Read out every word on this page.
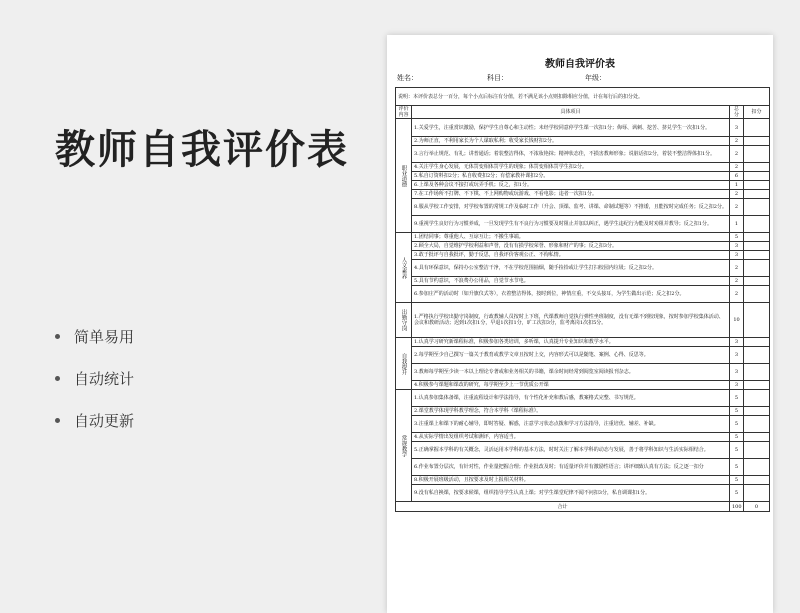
教师自我评价表
简单易用
自动统计
自动更新
教师自我评价表
姓名：	科目：	年级：
说明：本评价表总分一百分，每个小点后标注有分值，若不满足该小点则扣除相应分值，计在每行后的扣分处。			
评价内容	具体项目	总分	扣分
职业道德	1.关爱学生，注重赏识激励，保护学生自尊心和主动性；未经学校同意停学生课一次扣1分；侮辱、讽刺、挖苦、挤兑学生一次扣1分。	3	
	2.为师正直，不利用家长为个人谋取私利；收受家长钱财扣2分。	2	
	3.言行举止规范、有礼；讲普通话；着装整洁得体，不浓妆艳抹；精神状态佳，不损害教师形象；说脏话扣2分，着装不整洁得体扣1分。	2	
	4.关注学生身心发展，无体罚变相体罚学生的现象；体罚变相体罚学生扣2分。	2	
	5.私自订资料扣2分；私自收费扣2分；有偿家教补课扣2分。	6	
	6.上课及各种会议不接打或玩弄手机；反之，扣1分。	1	
	7.在工作场所不打牌、不下棋、不上网购物或玩游戏、不看电影；违者一次扣1分。	2	
	8.服从学校工作安排，对学校布置的常规工作及临时工作（升会、顶课、监考、讲课、命制试题等）不推诿，且能按时完成任务；反之扣2分。	2	
	9.重视学生良好行为习惯养成，一旦发现学生有不良行为习惯要及时阻止并加以纠正，遇学生违纪行为能及时劝阻并教导；反之扣1分。	1	
人文素养	1.团结同事；尊重他人、互谅互让；不搬生事端。	5	
	2.顾全大局，自觉维护学校利益和声誉，没有有损学校荣誉、形象和财产的事；反之扣3分。	3	
	3.敢于批评与自我批评，勤于反思，自我评价客观公正、不徇私情。	3	
	4.具有环保意识，保持办公室整洁干净，不在学校范围抽烟，随手捡拾或让学生打扫校园内垃圾；反之扣2分。	2	
	5.具有节约意识，不浪费办公用品，自觉节水节电。	2	
	6.参加庄严的活动时（如升旗仪式等），衣着整洁得体，按时到位，神情庄重，不交头接耳，为学生做出示范；反之扣2分。	2	
出勤守岗	1.严格执行学校出勤守岗制度，行政教辅人员按时上下班，代课教师自觉执行弹性坐班制度，没有无课不到校现象，按时参加学校集体活动、会议和教研活动；迟到1次扣1分，早退1次扣1分，旷工次扣3分，监考离岗1次扣5分。	10	
自我提升	1.认真学习研究新课程标准，积极参加各类培训，多听课，认真提升专业知识和教学水平。	3	
	2.每学期至少自己撰写一篇关于教育或教学文章且按时上交，内容形式可以是随笔、案例、心得、反思等。	3	
	3.教师每学期至少读一本以上理论专著或和业务相关的书籍，课余时间经常到阅览室阅读报刊杂志。	3	
	4.积极参与课题和课改的研究，每学期至少上一节优质公开课	3	
常规教学	1.认真参加集体备课，注重流程设计和学法指导，有个性化补充和教后感，教案格式完整、书写规范。	5	
	2.课堂教学体现学科教学理念，符合本学科《课程标准》。	5	
	3.注重课上和课下的耐心辅导，即时答疑、解惑，注意学习状态点拨和学习方法指导，注重培优、辅差、补缺。	5	
	4.从实际学情出发组织考试和测评，内容适当。	5	
	5.正确掌握本学科的有关概念，灵活运用本学科的基本方法，时时关注了解本学科的动态与发展，善于将学科知识与生活实际相结合。	5	
	6.作业布置分层次，有针对性，作业量把握合理；作业批改及时；有适量评价并有激励性语言；讲评细致认真有方法；反之逐一扣分	5	
	8.积极开展班级活动，且按要求及时上报相关材料。	5	
	9.没有私自换课，按要求候课，组织指导学生认真上课；对学生课堂纪律不闻不问扣3分，私自调课扣1分。	5	
合计		100	0
